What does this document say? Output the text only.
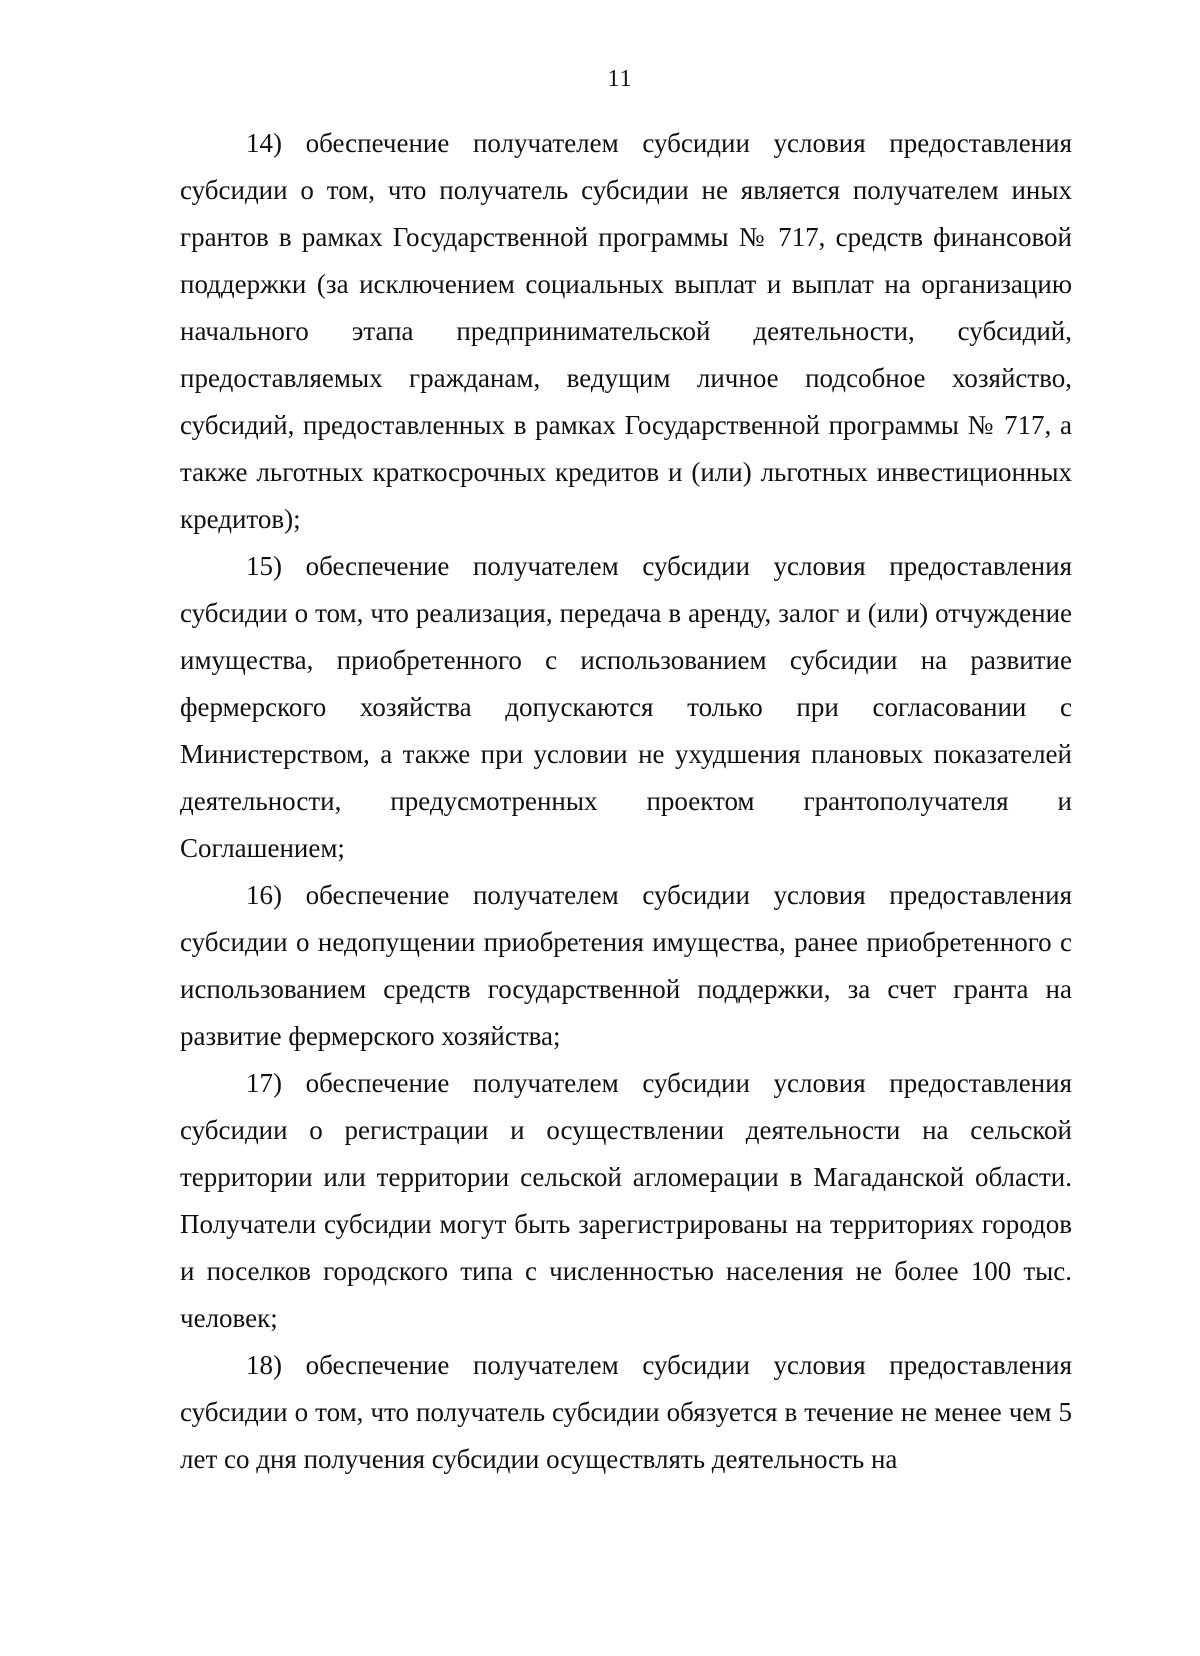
11

14) обеспечение получателем субсидии условия предоставления субсидии о том, что получатель субсидии не является получателем иных грантов в рамках Государственной программы № 717, средств финансовой поддержки (за исключением социальных выплат и выплат на организацию начального этапа предпринимательской деятельности, субсидий, предоставляемых гражданам, ведущим личное подсобное хозяйство, субсидий, предоставленных в рамках Государственной программы № 717, а также льготных краткосрочных кредитов и (или) льготных инвестиционных кредитов);

15) обеспечение получателем субсидии условия предоставления субсидии о том, что реализация, передача в аренду, залог и (или) отчуждение имущества, приобретенного с использованием субсидии на развитие фермерского хозяйства допускаются только при согласовании с Министерством, а также при условии не ухудшения плановых показателей деятельности, предусмотренных проектом грантополучателя и Соглашением;

16) обеспечение получателем субсидии условия предоставления субсидии о недопущении приобретения имущества, ранее приобретенного с использованием средств государственной поддержки, за счет гранта на развитие фермерского хозяйства;

17) обеспечение получателем субсидии условия предоставления субсидии о регистрации и осуществлении деятельности на сельской территории или территории сельской агломерации в Магаданской области. Получатели субсидии могут быть зарегистрированы на территориях городов и поселков городского типа с численностью населения не более 100 тыс. человек;

18) обеспечение получателем субсидии условия предоставления субсидии о том, что получатель субсидии обязуется в течение не менее чем 5 лет со дня получения субсидии осуществлять деятельность на
